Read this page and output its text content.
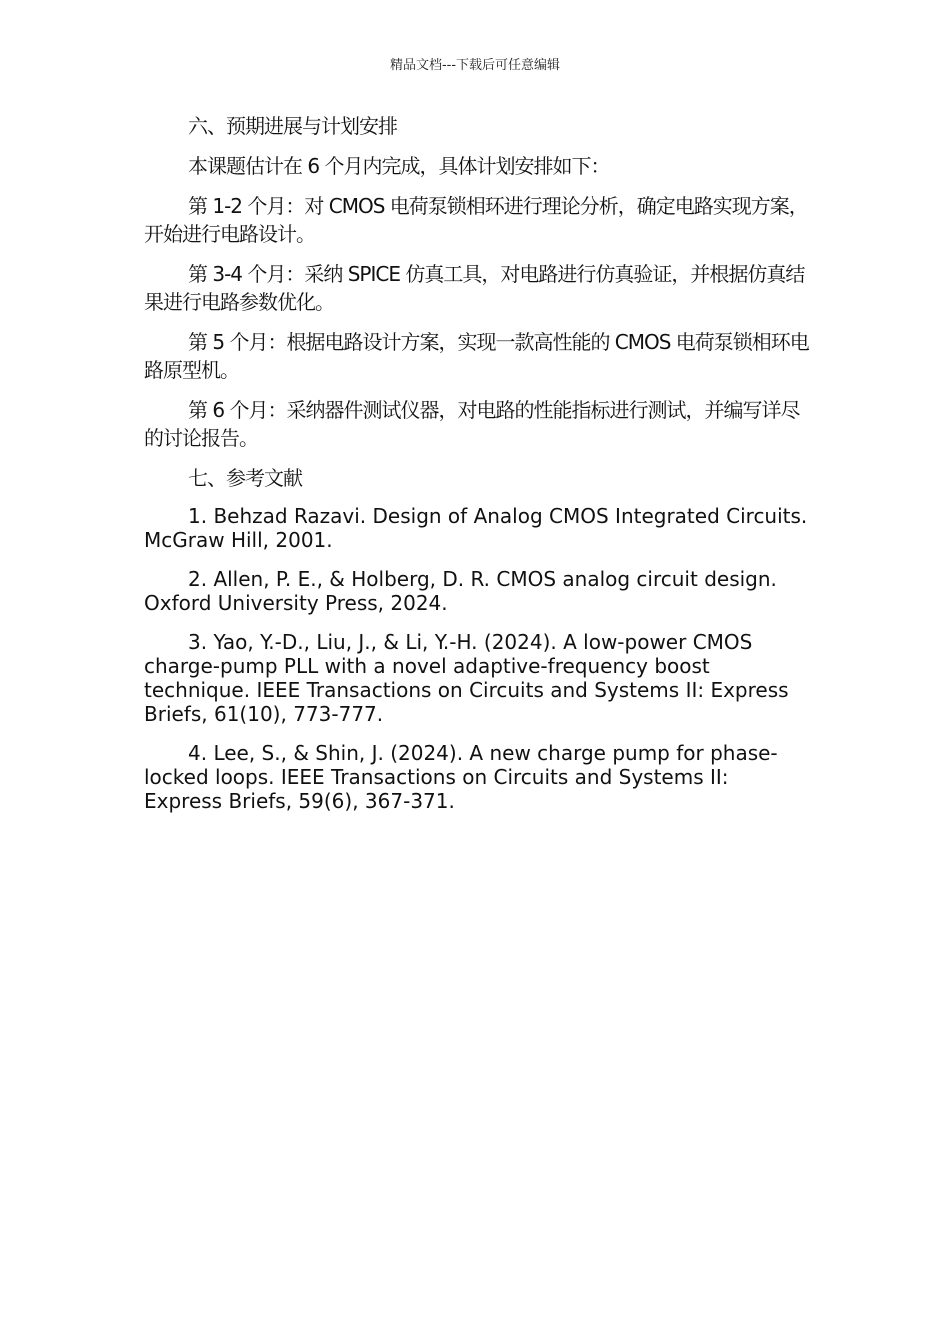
精品文档---下载后可任意编辑

六、预期进展与计划安排

本课题估计在 6 个月内完成，具体计划安排如下：

第 1-2 个月：对 CMOS 电荷泵锁相环进行理论分析，确定电路实现方案，开始进行电路设计。

第 3-4 个月：采纳 SPICE 仿真工具，对电路进行仿真验证，并根据仿真结果进行电路参数优化。

第 5 个月：根据电路设计方案，实现一款高性能的 CMOS 电荷泵锁相环电路原型机。

第 6 个月：采纳器件测试仪器，对电路的性能指标进行测试，并编写详尽的讨论报告。

七、参考文献

1. Behzad Razavi. Design of Analog CMOS Integrated Circuits. McGraw Hill, 2001.

2. Allen, P. E., & Holberg, D. R. CMOS analog circuit design. Oxford University Press, 2024.

3. Yao, Y.-D., Liu, J., & Li, Y.-H. (2024). A low-power CMOS charge-pump PLL with a novel adaptive-frequency boost technique. IEEE Transactions on Circuits and Systems II: Express Briefs, 61(10), 773-777.

4. Lee, S., & Shin, J. (2024). A new charge pump for phase-locked loops. IEEE Transactions on Circuits and Systems II: Express Briefs, 59(6), 367-371.
